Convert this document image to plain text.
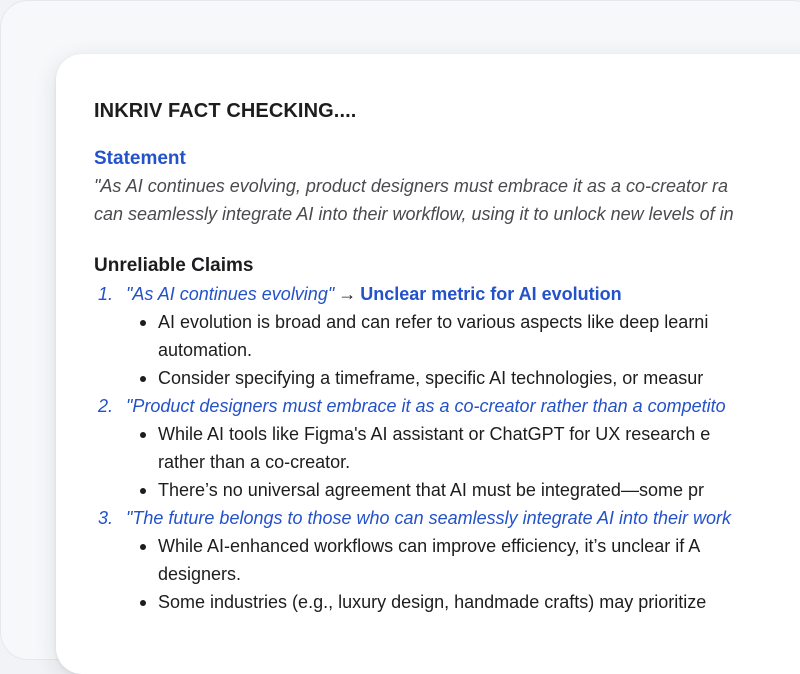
INKRIV FACT CHECKING....
Statement
"As AI continues evolving, product designers must embrace it as a co-creator ra
can seamlessly integrate AI into their workflow, using it to unlock new levels of in
Unreliable Claims
1. "As AI continues evolving" → Unclear metric for AI evolution
AI evolution is broad and can refer to various aspects like deep learni
automation.
Consider specifying a timeframe, specific AI technologies, or measur
2. "Product designers must embrace it as a co-creator rather than a competito
While AI tools like Figma's AI assistant or ChatGPT for UX research e
rather than a co-creator.
There’s no universal agreement that AI must be integrated—some pr
3. "The future belongs to those who can seamlessly integrate AI into their work
While AI-enhanced workflows can improve efficiency, it’s unclear if A
designers.
Some industries (e.g., luxury design, handmade crafts) may prioritize
